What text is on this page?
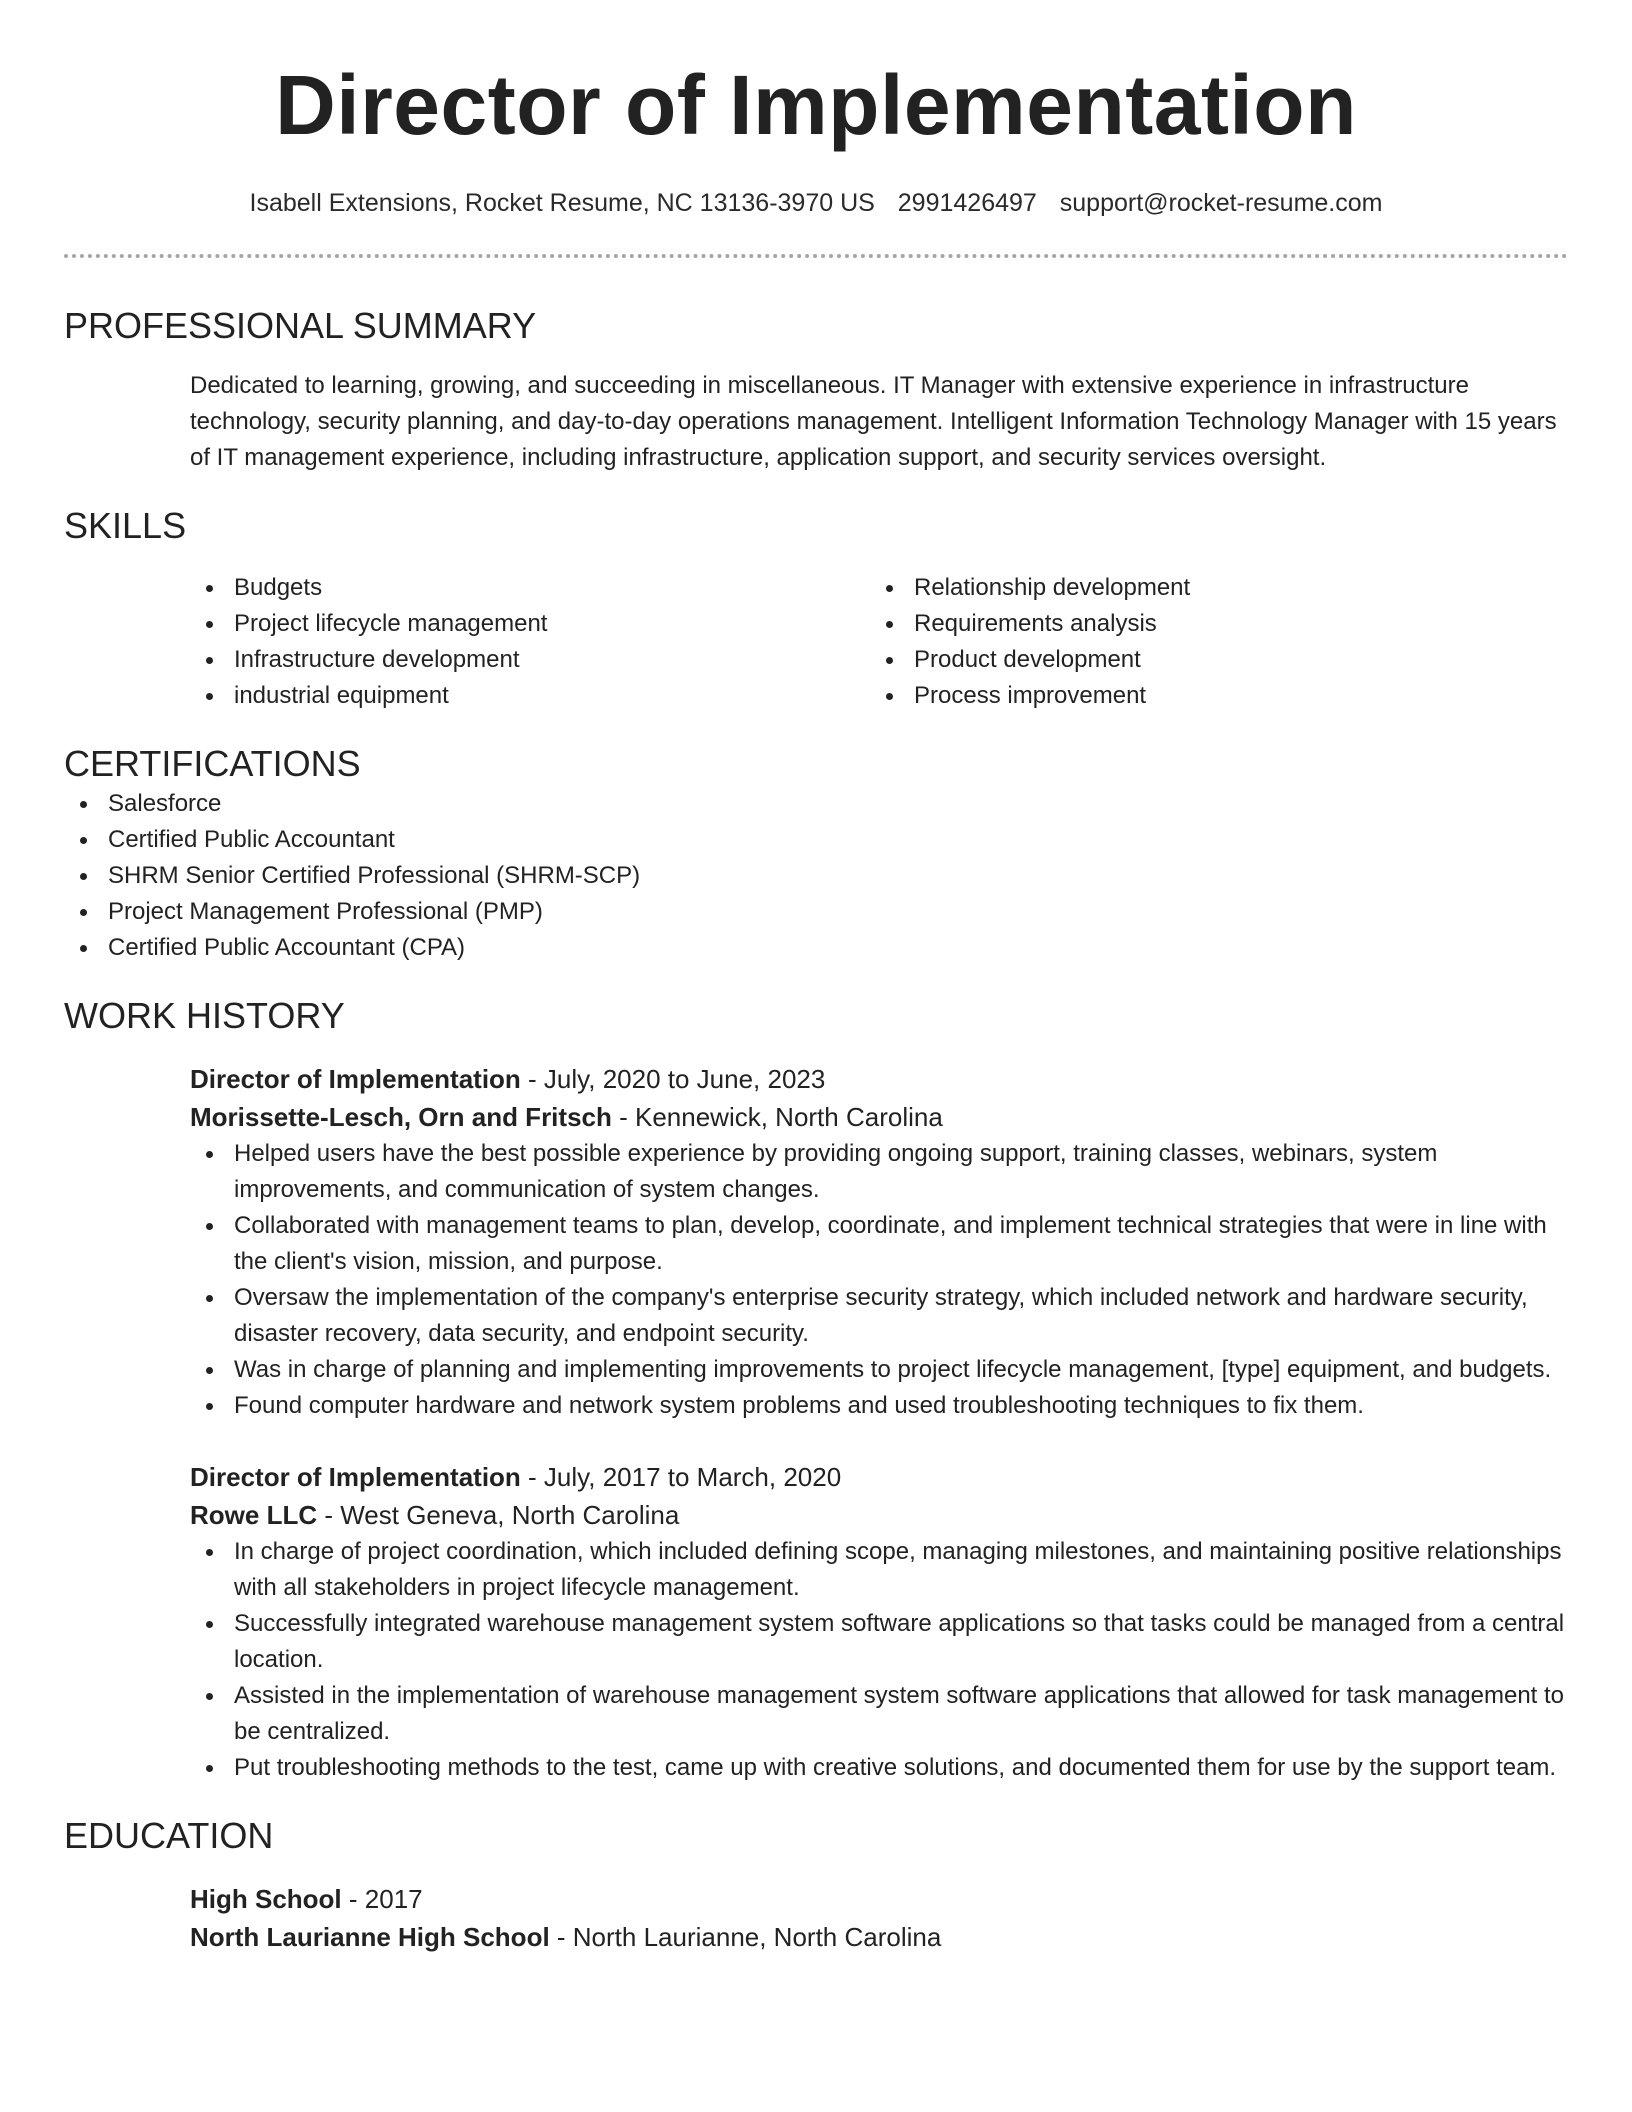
Director of Implementation
Isabell Extensions, Rocket Resume, NC 13136-3970 US 2991426497 support@rocket-resume.com
PROFESSIONAL SUMMARY
Dedicated to learning, growing, and succeeding in miscellaneous. IT Manager with extensive experience in infrastructure technology, security planning, and day-to-day operations management. Intelligent Information Technology Manager with 15 years of IT management experience, including infrastructure, application support, and security services oversight.
SKILLS
Budgets
Project lifecycle management
Infrastructure development
industrial equipment
Relationship development
Requirements analysis
Product development
Process improvement
CERTIFICATIONS
Salesforce
Certified Public Accountant
SHRM Senior Certified Professional (SHRM-SCP)
Project Management Professional (PMP)
Certified Public Accountant (CPA)
WORK HISTORY
Director of Implementation - July, 2020 to June, 2023
Morissette-Lesch, Orn and Fritsch - Kennewick, North Carolina
Helped users have the best possible experience by providing ongoing support, training classes, webinars, system improvements, and communication of system changes.
Collaborated with management teams to plan, develop, coordinate, and implement technical strategies that were in line with the client's vision, mission, and purpose.
Oversaw the implementation of the company's enterprise security strategy, which included network and hardware security, disaster recovery, data security, and endpoint security.
Was in charge of planning and implementing improvements to project lifecycle management, [type] equipment, and budgets.
Found computer hardware and network system problems and used troubleshooting techniques to fix them.
Director of Implementation - July, 2017 to March, 2020
Rowe LLC - West Geneva, North Carolina
In charge of project coordination, which included defining scope, managing milestones, and maintaining positive relationships with all stakeholders in project lifecycle management.
Successfully integrated warehouse management system software applications so that tasks could be managed from a central location.
Assisted in the implementation of warehouse management system software applications that allowed for task management to be centralized.
Put troubleshooting methods to the test, came up with creative solutions, and documented them for use by the support team.
EDUCATION
High School - 2017
North Laurianne High School - North Laurianne, North Carolina
